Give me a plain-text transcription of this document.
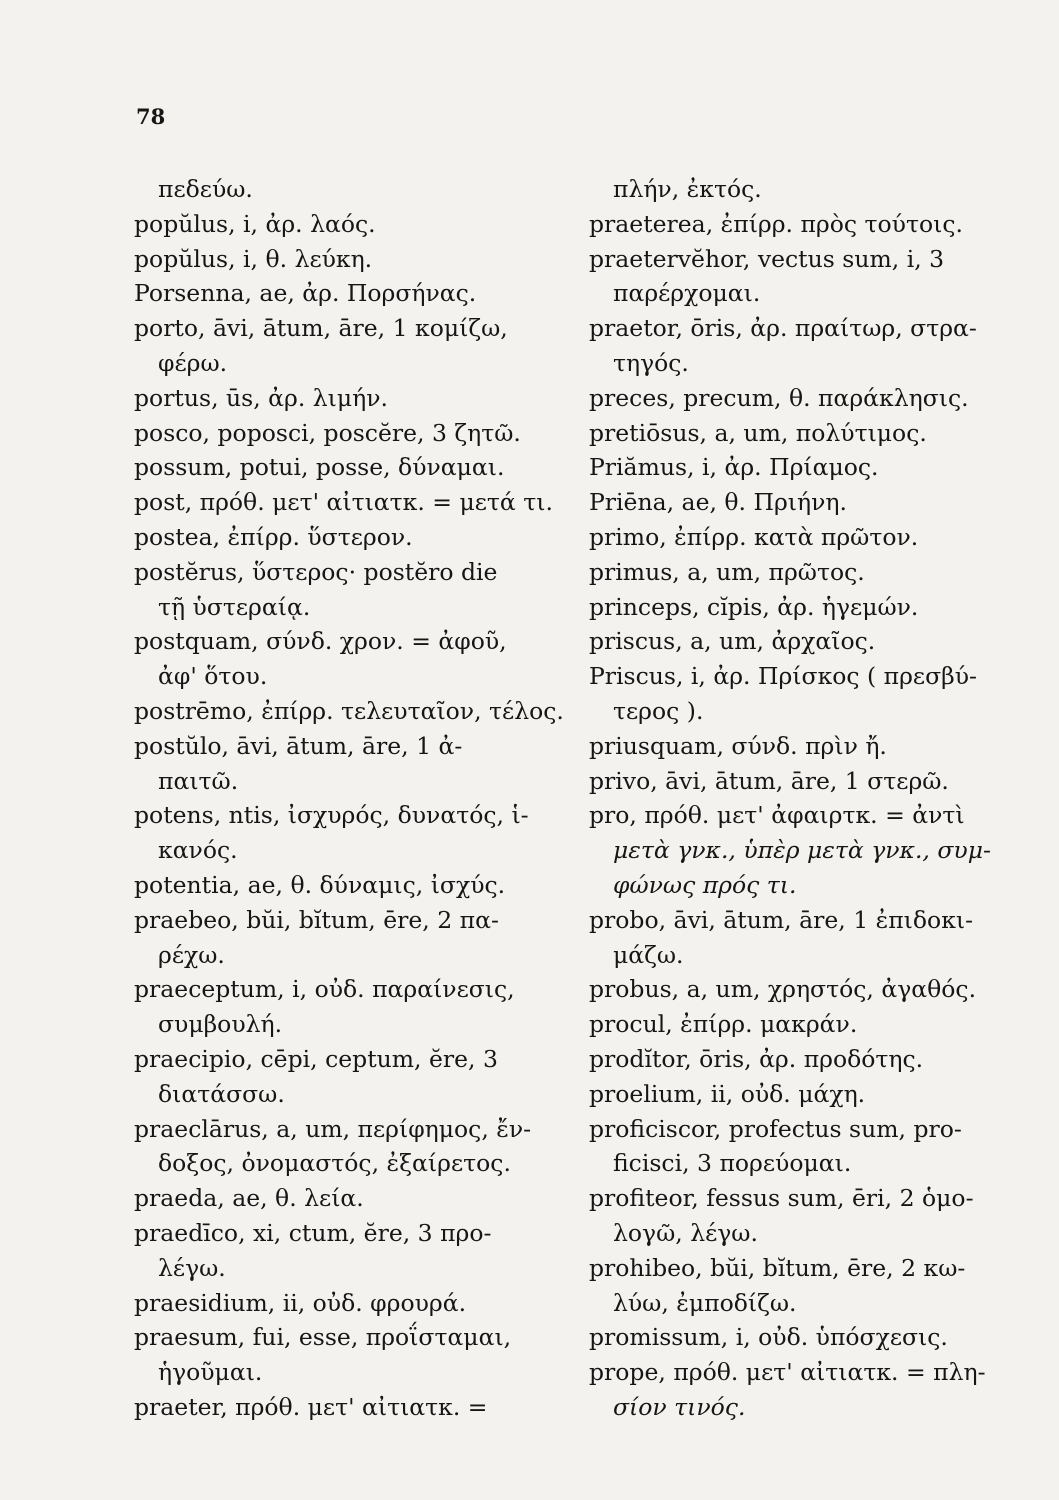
78
πεδεύω.
popŭlus, i, ἀρ. λαός.
popŭlus, i, θ. λεύκη.
Porsenna, ae, ἀρ. Πορσήνας.
porto, āvi, ātum, āre, 1 κομίζω,
φέρω.
portus, ūs, ἀρ. λιμήν.
posco, poposci, poscĕre, 3 ζητῶ.
possum, potui, posse, δύναμαι.
post, πρόθ. μετ' αἰτιατκ. = μετά τι.
postea, ἐπίρρ. ὕστερον.
postĕrus, ὕστερος· postĕro die
τῇ ὑστεραίᾳ.
postquam, σύνδ. χρον. = ἀφοῦ,
ἀφ' ὅτου.
postrēmo, ἐπίρρ. τελευταῖον, τέλος.
postŭlo, āvi, ātum, āre, 1 ἀ-
παιτῶ.
potens, ntis, ἰσχυρός, δυνατός, ἱ-
κανός.
potentia, ae, θ. δύναμις, ἰσχύς.
praebeo, bŭi, bĭtum, ēre, 2 πα-
ρέχω.
praeceptum, i, οὐδ. παραίνεσις,
συμβουλή.
praecipio, cēpi, ceptum, ĕre, 3
διατάσσω.
praeclārus, a, um, περίφημος, ἔν-
δοξος, ὀνομαστός, ἐξαίρετος.
praeda, ae, θ. λεία.
praedīco, xi, ctum, ĕre, 3 προ-
λέγω.
praesidium, ii, οὐδ. φρουρά.
praesum, fui, esse, προΐσταμαι,
ἡγοῦμαι.
praeter, πρόθ. μετ' αἰτιατκ. =
πλήν, ἐκτός.
praeterea, ἐπίρρ. πρὸς τούτοις.
praetervĕhor, vectus sum, i, 3
παρέρχομαι.
praetor, ōris, ἀρ. πραίτωρ, στρα-
τηγός.
preces, precum, θ. παράκλησις.
pretiōsus, a, um, πολύτιμος.
Priămus, i, ἀρ. Πρίαμος.
Priēna, ae, θ. Πριήνη.
primo, ἐπίρρ. κατὰ πρῶτον.
primus, a, um, πρῶτος.
princeps, cĭpis, ἀρ. ἡγεμών.
priscus, a, um, ἀρχαῖος.
Priscus, i, ἀρ. Πρίσκος ( πρεσβύ-
τερος ).
priusquam, σύνδ. πρὶν ἤ.
privo, āvi, ātum, āre, 1 στερῶ.
pro, πρόθ. μετ' ἀφαιρτκ. = ἀντὶ
μετὰ γνκ., ὑπὲρ μετὰ γνκ., συμ-
φώνως πρός τι.
probo, āvi, ātum, āre, 1 ἐπιδοκι-
μάζω.
probus, a, um, χρηστός, ἀγαθός.
procul, ἐπίρρ. μακράν.
prodĭtor, ōris, ἀρ. προδότης.
proelium, ii, οὐδ. μάχη.
proficiscor, profectus sum, pro-
ficisci, 3 πορεύομαι.
profiteor, fessus sum, ēri, 2 ὁμο-
λογῶ, λέγω.
prohibeo, bŭi, bĭtum, ēre, 2 κω-
λύω, ἐμποδίζω.
promissum, i, οὐδ. ὑπόσχεσις.
prope, πρόθ. μετ' αἰτιατκ. = πλη-
σίον τινός.
